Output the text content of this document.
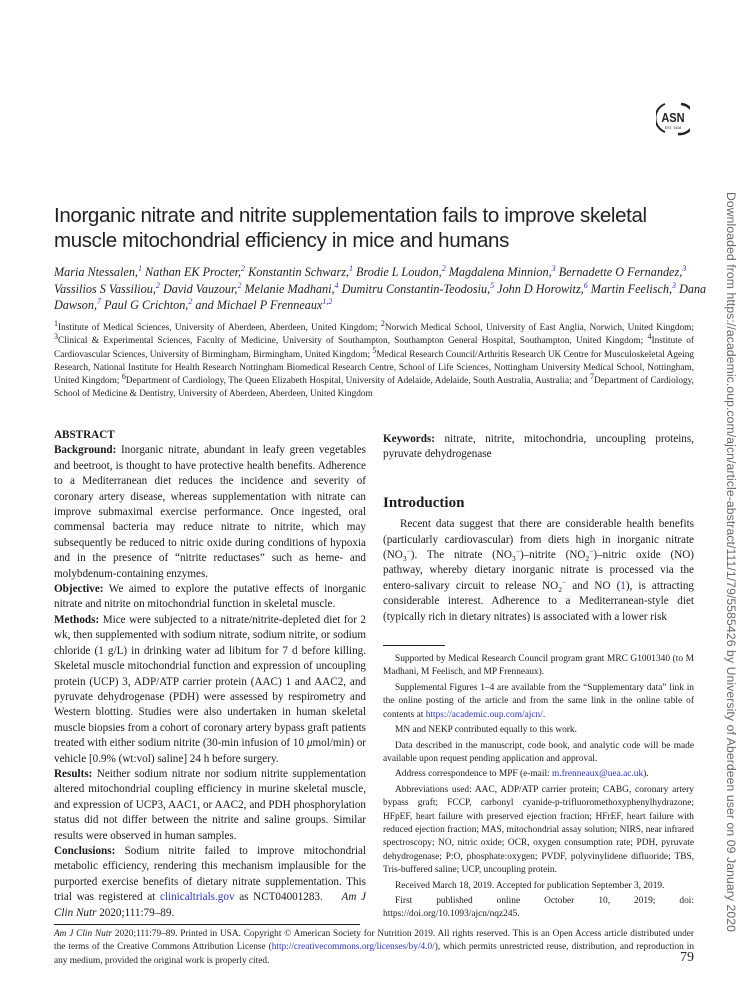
ASN
EST. 1928
Inorganic nitrate and nitrite supplementation fails to improve skeletal muscle mitochondrial efficiency in mice and humans
Maria Ntessalen,$^1$ Nathan EK Procter,$^2$ Konstantin Schwarz,$^1$ Brodie L Loudon,$^2$ Magdalena Minnion,$^3$ Bernadette O Fernandez,$^3$ Vassilios S Vassiliou,$^2$ David Vauzour,$^2$ Melanie Madhani,$^4$ Dumitru Constantin-Teodosiu,$^5$ John D Horowitz,$^6$ Martin Feelisch,$^3$ Dana Dawson,$^7$ Paul G Crichton,$^2$ and Michael P Frenneaux$^{1,2}$
$^1$Institute of Medical Sciences, University of Aberdeen, Aberdeen, United Kingdom; $^2$Norwich Medical School, University of East Anglia, Norwich, United Kingdom; $^3$Clinical & Experimental Sciences, Faculty of Medicine, University of Southampton, Southampton General Hospital, Southampton, United Kingdom; $^4$Institute of Cardiovascular Sciences, University of Birmingham, Birmingham, United Kingdom; $^5$Medical Research Council/Arthritis Research UK Centre for Musculoskeletal Ageing Research, National Institute for Health Research Nottingham Biomedical Research Centre, School of Life Sciences, Nottingham University Medical School, Nottingham, United Kingdom; $^6$Department of Cardiology, The Queen Elizabeth Hospital, University of Adelaide, Adelaide, South Australia, Australia; and $^7$Department of Cardiology, School of Medicine & Dentistry, University of Aberdeen, Aberdeen, United Kingdom
ABSTRACT

Background: Inorganic nitrate, abundant in leafy green vegetables and beetroot, is thought to have protective health benefits. Adherence to a Mediterranean diet reduces the incidence and severity of coronary artery disease, whereas supplementation with nitrate can improve submaximal exercise performance. Once ingested, oral commensal bacteria may reduce nitrate to nitrite, which may subsequently be reduced to nitric oxide during conditions of hypoxia and in the presence of “nitrite reductases” such as heme- and molybdenum-containing enzymes.

Objective: We aimed to explore the putative effects of inorganic nitrate and nitrite on mitochondrial function in skeletal muscle.

Methods: Mice were subjected to a nitrate/nitrite-depleted diet for 2 wk, then supplemented with sodium nitrate, sodium nitrite, or sodium chloride (1 g/L) in drinking water ad libitum for 7 d before killing. Skeletal muscle mitochondrial function and expression of uncoupling protein (UCP) 3, ADP/ATP carrier protein (AAC) 1 and AAC2, and pyruvate dehydrogenase (PDH) were assessed by respirometry and Western blotting. Studies were also undertaken in human skeletal muscle biopsies from a cohort of coronary artery bypass graft patients treated with either sodium nitrite (30-min infusion of 10 μmol/min) or vehicle [0.9% (wt:vol) saline] 24 h before surgery.

Results: Neither sodium nitrate nor sodium nitrite supplementation altered mitochondrial coupling efficiency in murine skeletal muscle, and expression of UCP3, AAC1, or AAC2, and PDH phosphorylation status did not differ between the nitrite and saline groups. Similar results were observed in human samples.

Conclusions: Sodium nitrite failed to improve mitochondrial metabolic efficiency, rendering this mechanism implausible for the purported exercise benefits of dietary nitrate supplementation. This trial was registered at clinicaltrials.gov as NCT04001283. Am J Clin Nutr 2020;111:79–89.

Keywords: nitrate, nitrite, mitochondria, uncoupling proteins, pyruvate dehydrogenase

Introduction

Recent data suggest that there are considerable health benefits (particularly cardiovascular) from diets high in inorganic nitrate $(NO_3^-)$. The nitrate $(NO_3^-)$–nitrite $(NO_2^-)$–nitric oxide (NO) pathway, whereby dietary inorganic nitrate is processed via the entero-salivary circuit to release $NO_2^-$ and NO (1), is attracting considerable interest. Adherence to a Mediterranean-style diet (typically rich in dietary nitrates) is associated with a lower risk

Supported by Medical Research Council program grant MRC G1001340 (to M Madhani, M Feelisch, and MP Frenneaux).

Supplemental Figures 1–4 are available from the “Supplementary data” link in the online posting of the article and from the same link in the online table of contents at https://academic.oup.com/ajcn/.

MN and NEKP contributed equally to this work.

Data described in the manuscript, code book, and analytic code will be made available upon request pending application and approval.

Address correspondence to MPF (e-mail: m.frenneaux@uea.ac.uk).

Abbreviations used: AAC, ADP/ATP carrier protein; CABG, coronary artery bypass graft; FCCP, carbonyl cyanide-p-trifluoromethoxyphenylhydrazone; HFpEF, heart failure with preserved ejection fraction; HFrEF, heart failure with reduced ejection fraction; MAS, mitochondrial assay solution; NIRS, near infrared spectroscopy; NO, nitric oxide; OCR, oxygen consumption rate; PDH, pyruvate dehydrogenase; P:O, phosphate:oxygen; PVDF, polyvinylidene difluoride; TBS, Tris-buffered saline; UCP, uncoupling protein.

Received March 18, 2019. Accepted for publication September 3, 2019.

First published online October 10, 2019; doi: https://doi.org/10.1093/ajcn/nqz245.

Am J Clin Nutr 2020;111:79–89. Printed in USA. Copyright © American Society for Nutrition 2019. All rights reserved. This is an Open Access article distributed under the terms of the Creative Commons Attribution License (http://creativecommons.org/licenses/by/4.0/), which permits unrestricted reuse, distribution, and reproduction in any medium, provided the original work is properly cited.	79
Downloaded from https://academic.oup.com/ajcn/article-abstract/111/1/79/5585426 by University of Aberdeen user on 09 January 2020
